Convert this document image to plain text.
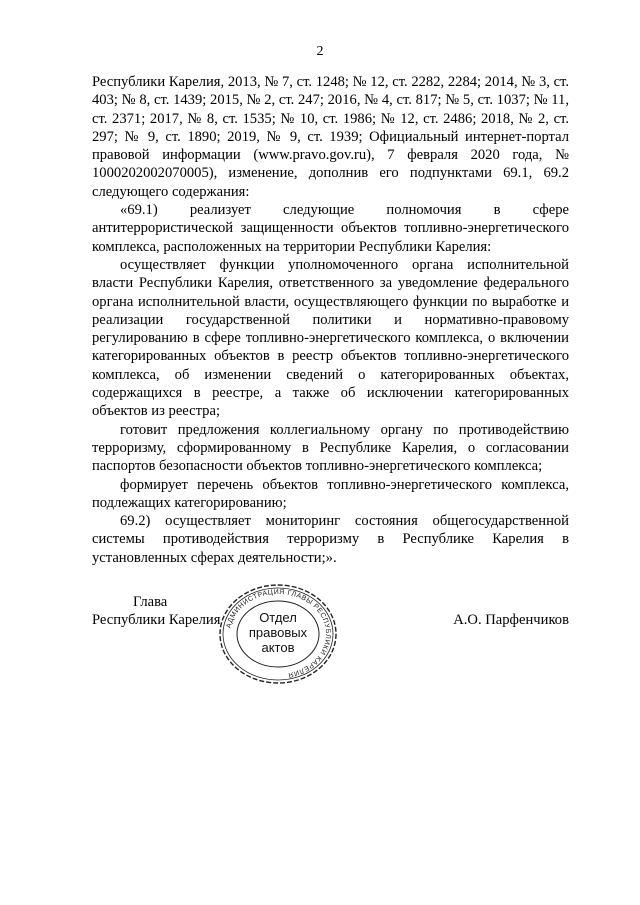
2

Республики Карелия, 2013, № 7, ст. 1248; № 12, ст. 2282, 2284; 2014, № 3, ст. 403; № 8, ст. 1439; 2015, № 2, ст. 247; 2016, № 4, ст. 817; № 5, ст. 1037; № 11, ст. 2371; 2017, № 8, ст. 1535; № 10, ст. 1986; № 12, ст. 2486; 2018, № 2, ст. 297; № 9, ст. 1890; 2019, № 9, ст. 1939; Официальный интернет-портал правовой информации (www.pravo.gov.ru), 7 февраля 2020 года, № 1000202002070005), изменение, дополнив его подпунктами 69.1, 69.2 следующего содержания:

«69.1) реализует следующие полномочия в сфере антитеррористической защищенности объектов топливно-энергетического комплекса, расположенных на территории Республики Карелия:

осуществляет функции уполномоченного органа исполнительной власти Республики Карелия, ответственного за уведомление федерального органа исполнительной власти, осуществляющего функции по выработке и реализации государственной политики и нормативно-правовому регулированию в сфере топливно-энергетического комплекса, о включении категорированных объектов в реестр объектов топливно-энергетического комплекса, об изменении сведений о категорированных объектах, содержащихся в реестре, а также об исключении категорированных объектов из реестра;

готовит предложения коллегиальному органу по противодействию терроризму, сформированному в Республике Карелия, о согласовании паспортов безопасности объектов топливно-энергетического комплекса;

формирует перечень объектов топливно-энергетического комплекса, подлежащих категорированию;

69.2) осуществляет мониторинг состояния общегосударственной системы противодействия терроризму в Республике Карелия в установленных сферах деятельности;».

Глава
Республики Карелия	А.О. Парфенчиков
АДМИНИСТРАЦИЯ ГЛАВЫ РЕСПУБЛИКИ КАРЕЛИЯ
Отдел
правовых
актов
